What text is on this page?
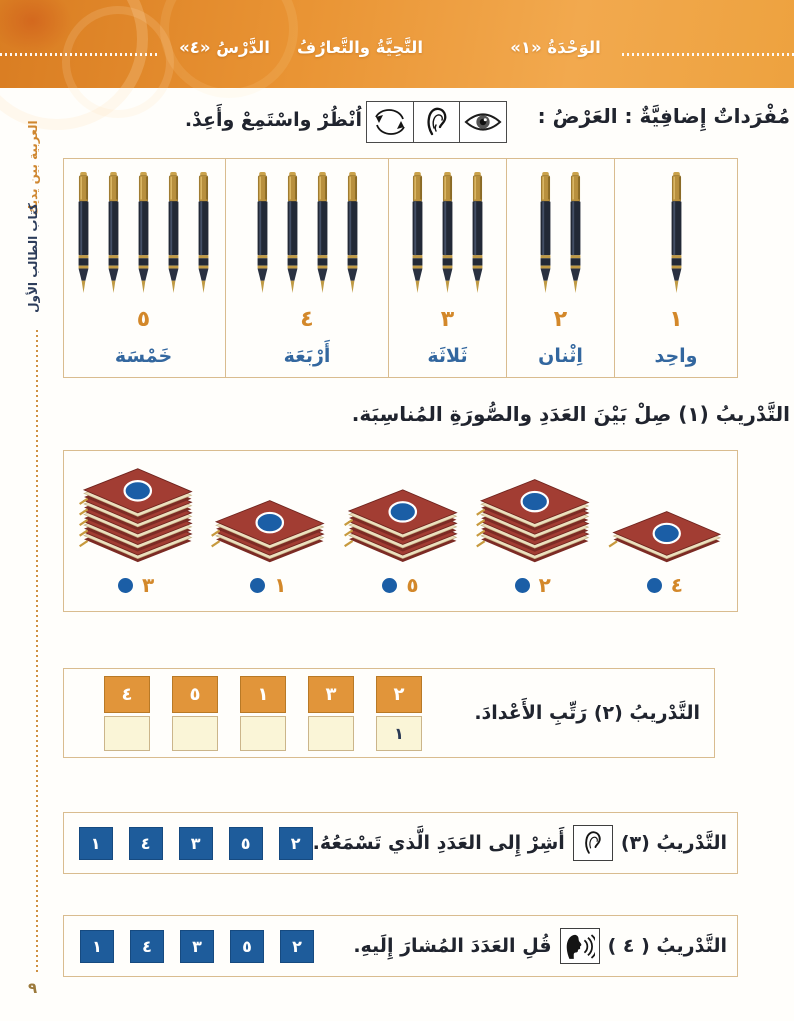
الوَحْدَةُ «١»
التَّحِيَّةُ والتَّعارُفُ
الدَّرْسُ «٤»
العربية بين يديك
كتاب الطالب الأول
٩
مُفْرَداتٌ إِضافِيَّةٌ : العَرْضُ :
اُنْظُرْ واسْتَمِعْ وأَعِدْ.
١
واحِد
٢
اِثْنان
٣
ثَلاثَة
٤
أَرْبَعَة
٥
خَمْسَة
التَّدْريبُ (١) صِلْ بَيْنَ العَدَدِ والصُّورَةِ المُناسِبَة.
٤
٢
٥
١
٣
التَّدْريبُ (٢) رَتِّبِ الأَعْدادَ.
٢
٣
١
٥
٤
١
التَّدْريبُ (٣)
أَشِرْ إِلى العَدَدِ الَّذي تَسْمَعُهُ.
٢
٥
٣
٤
١
التَّدْريبُ ( ٤ )
قُلِ العَدَدَ المُشارَ إِلَيهِ.
٢
٥
٣
٤
١
